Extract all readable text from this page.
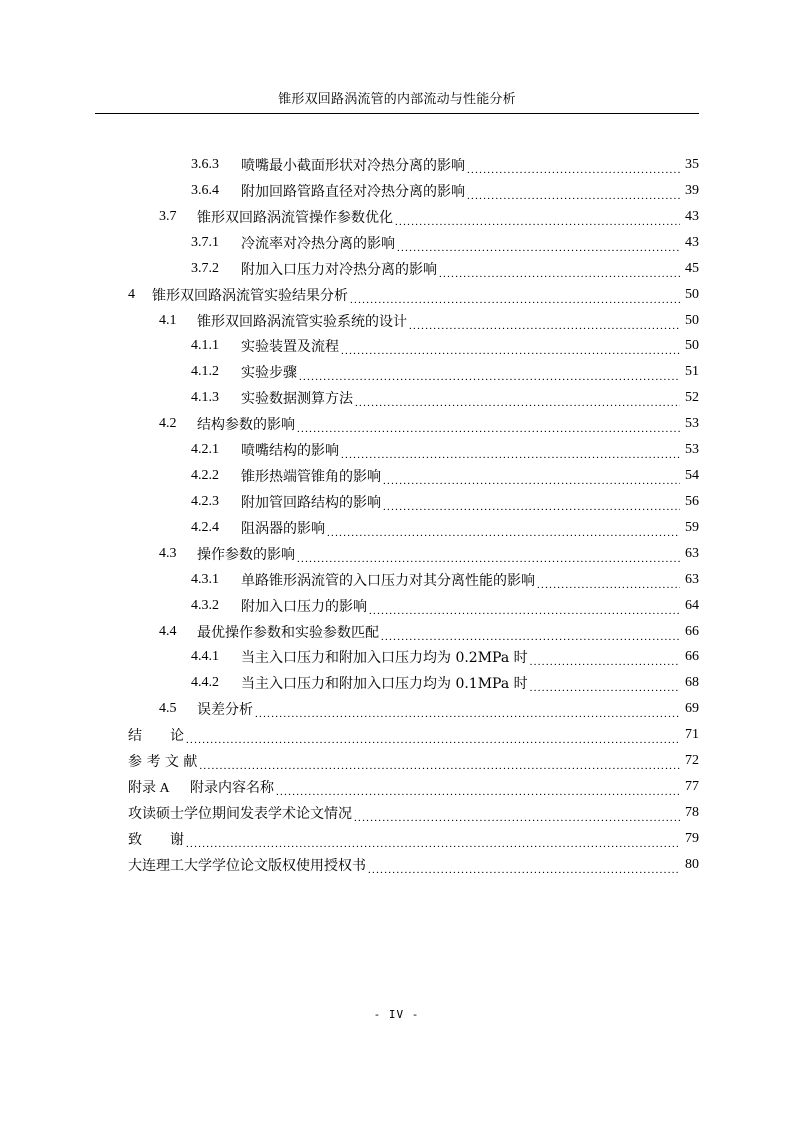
锥形双回路涡流管的内部流动与性能分析
3.6.3	喷嘴最小截面形状对冷热分离的影响 .....	35
3.6.4	附加回路管路直径对冷热分离的影响 .....	39
3.7	锥形双回路涡流管操作参数优化 .....	43
3.7.1	冷流率对冷热分离的影响 .....	43
3.7.2	附加入口压力对冷热分离的影响 .....	45
4	锥形双回路涡流管实验结果分析 .....	50
4.1	锥形双回路涡流管实验系统的设计 .....	50
4.1.1	实验装置及流程 .....	50
4.1.2	实验步骤 .....	51
4.1.3	实验数据测算方法 .....	52
4.2	结构参数的影响 .....	53
4.2.1	喷嘴结构的影响 .....	53
4.2.2	锥形热端管锥角的影响 .....	54
4.2.3	附加管回路结构的影响 .....	56
4.2.4	阻涡器的影响 .....	59
4.3	操作参数的影响 .....	63
4.3.1	单路锥形涡流管的入口压力对其分离性能的影响 .....	63
4.3.2	附加入口压力的影响 .....	64
4.4	最优操作参数和实验参数匹配 .....	66
4.4.1	当主入口压力和附加入口压力均为 0.2MPa 时 .....	66
4.4.2	当主入口压力和附加入口压力均为 0.1MPa 时 .....	68
4.5	误差分析 .....	69
结　　论 .....	71
参 考 文 献 .....	72
附录 A	附录内容名称 .....	77
攻读硕士学位期间发表学术论文情况 .....	78
致　　谢 .....	79
大连理工大学学位论文版权使用授权书 .....	80
- IV -
